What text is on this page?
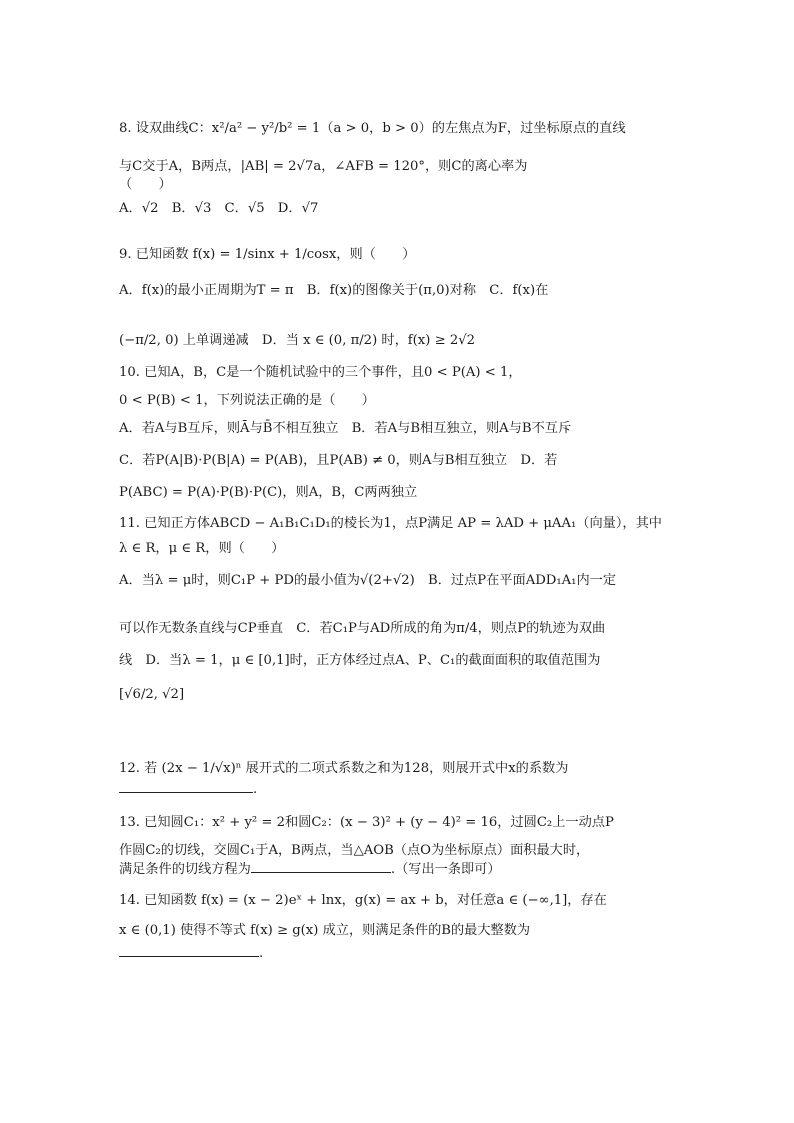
8. 设双曲线C：x²/a² − y²/b² = 1（a > 0，b > 0）的左焦点为F，过坐标原点的直线
与C交于A，B两点，|AB| = 2√7a，∠AFB = 120°，则C的离心率为
（　　）
A．√2　B．√3　C．√5　D．√7
9. 已知函数 f(x) = 1/sinx + 1/cosx，则（　　）
A．f(x)的最小正周期为T = π　B．f(x)的图像关于(π,0)对称　C．f(x)在
(−π/2, 0) 上单调递减　D．当 x ∈ (0, π/2) 时，f(x) ≥ 2√2
10. 已知A，B，C是一个随机试验中的三个事件，且0 < P(A) < 1，
0 < P(B) < 1，下列说法正确的是（　　）
A．若A与B互斥，则Ā与B̄不相互独立　B．若A与B相互独立，则A与B不互斥
C．若P(A|B)·P(B|A) = P(AB)，且P(AB) ≠ 0，则A与B相互独立　D．若
P(ABC) = P(A)·P(B)·P(C)，则A，B，C两两独立
11. 已知正方体ABCD − A₁B₁C₁D₁的棱长为1，点P满足 AP = λAD + μAA₁（向量），其中
λ ∈ R，μ ∈ R，则（　　）
A．当λ = μ时，则C₁P + PD的最小值为√(2+√2)　B．过点P在平面ADD₁A₁内一定
可以作无数条直线与CP垂直　C．若C₁P与AD所成的角为π/4，则点P的轨迹为双曲
线　D．当λ = 1，μ ∈ [0,1]时，正方体经过点A、P、C₁的截面面积的取值范围为
[√6/2, √2]
12. 若 (2x − 1/√x)ⁿ 展开式的二项式系数之和为128，则展开式中x的系数为
.
13. 已知圆C₁：x² + y² = 2和圆C₂：(x − 3)² + (y − 4)² = 16，过圆C₂上一动点P
作圆C₂的切线，交圆C₁于A，B两点，当△AOB（点O为坐标原点）面积最大时，
满足条件的切线方程为	.（写出一条即可）
14. 已知函数 f(x) = (x − 2)eˣ + lnx，g(x) = ax + b，对任意a ∈ (−∞,1]，存在
x ∈ (0,1) 使得不等式 f(x) ≥ g(x) 成立，则满足条件的B的最大整数为
.
